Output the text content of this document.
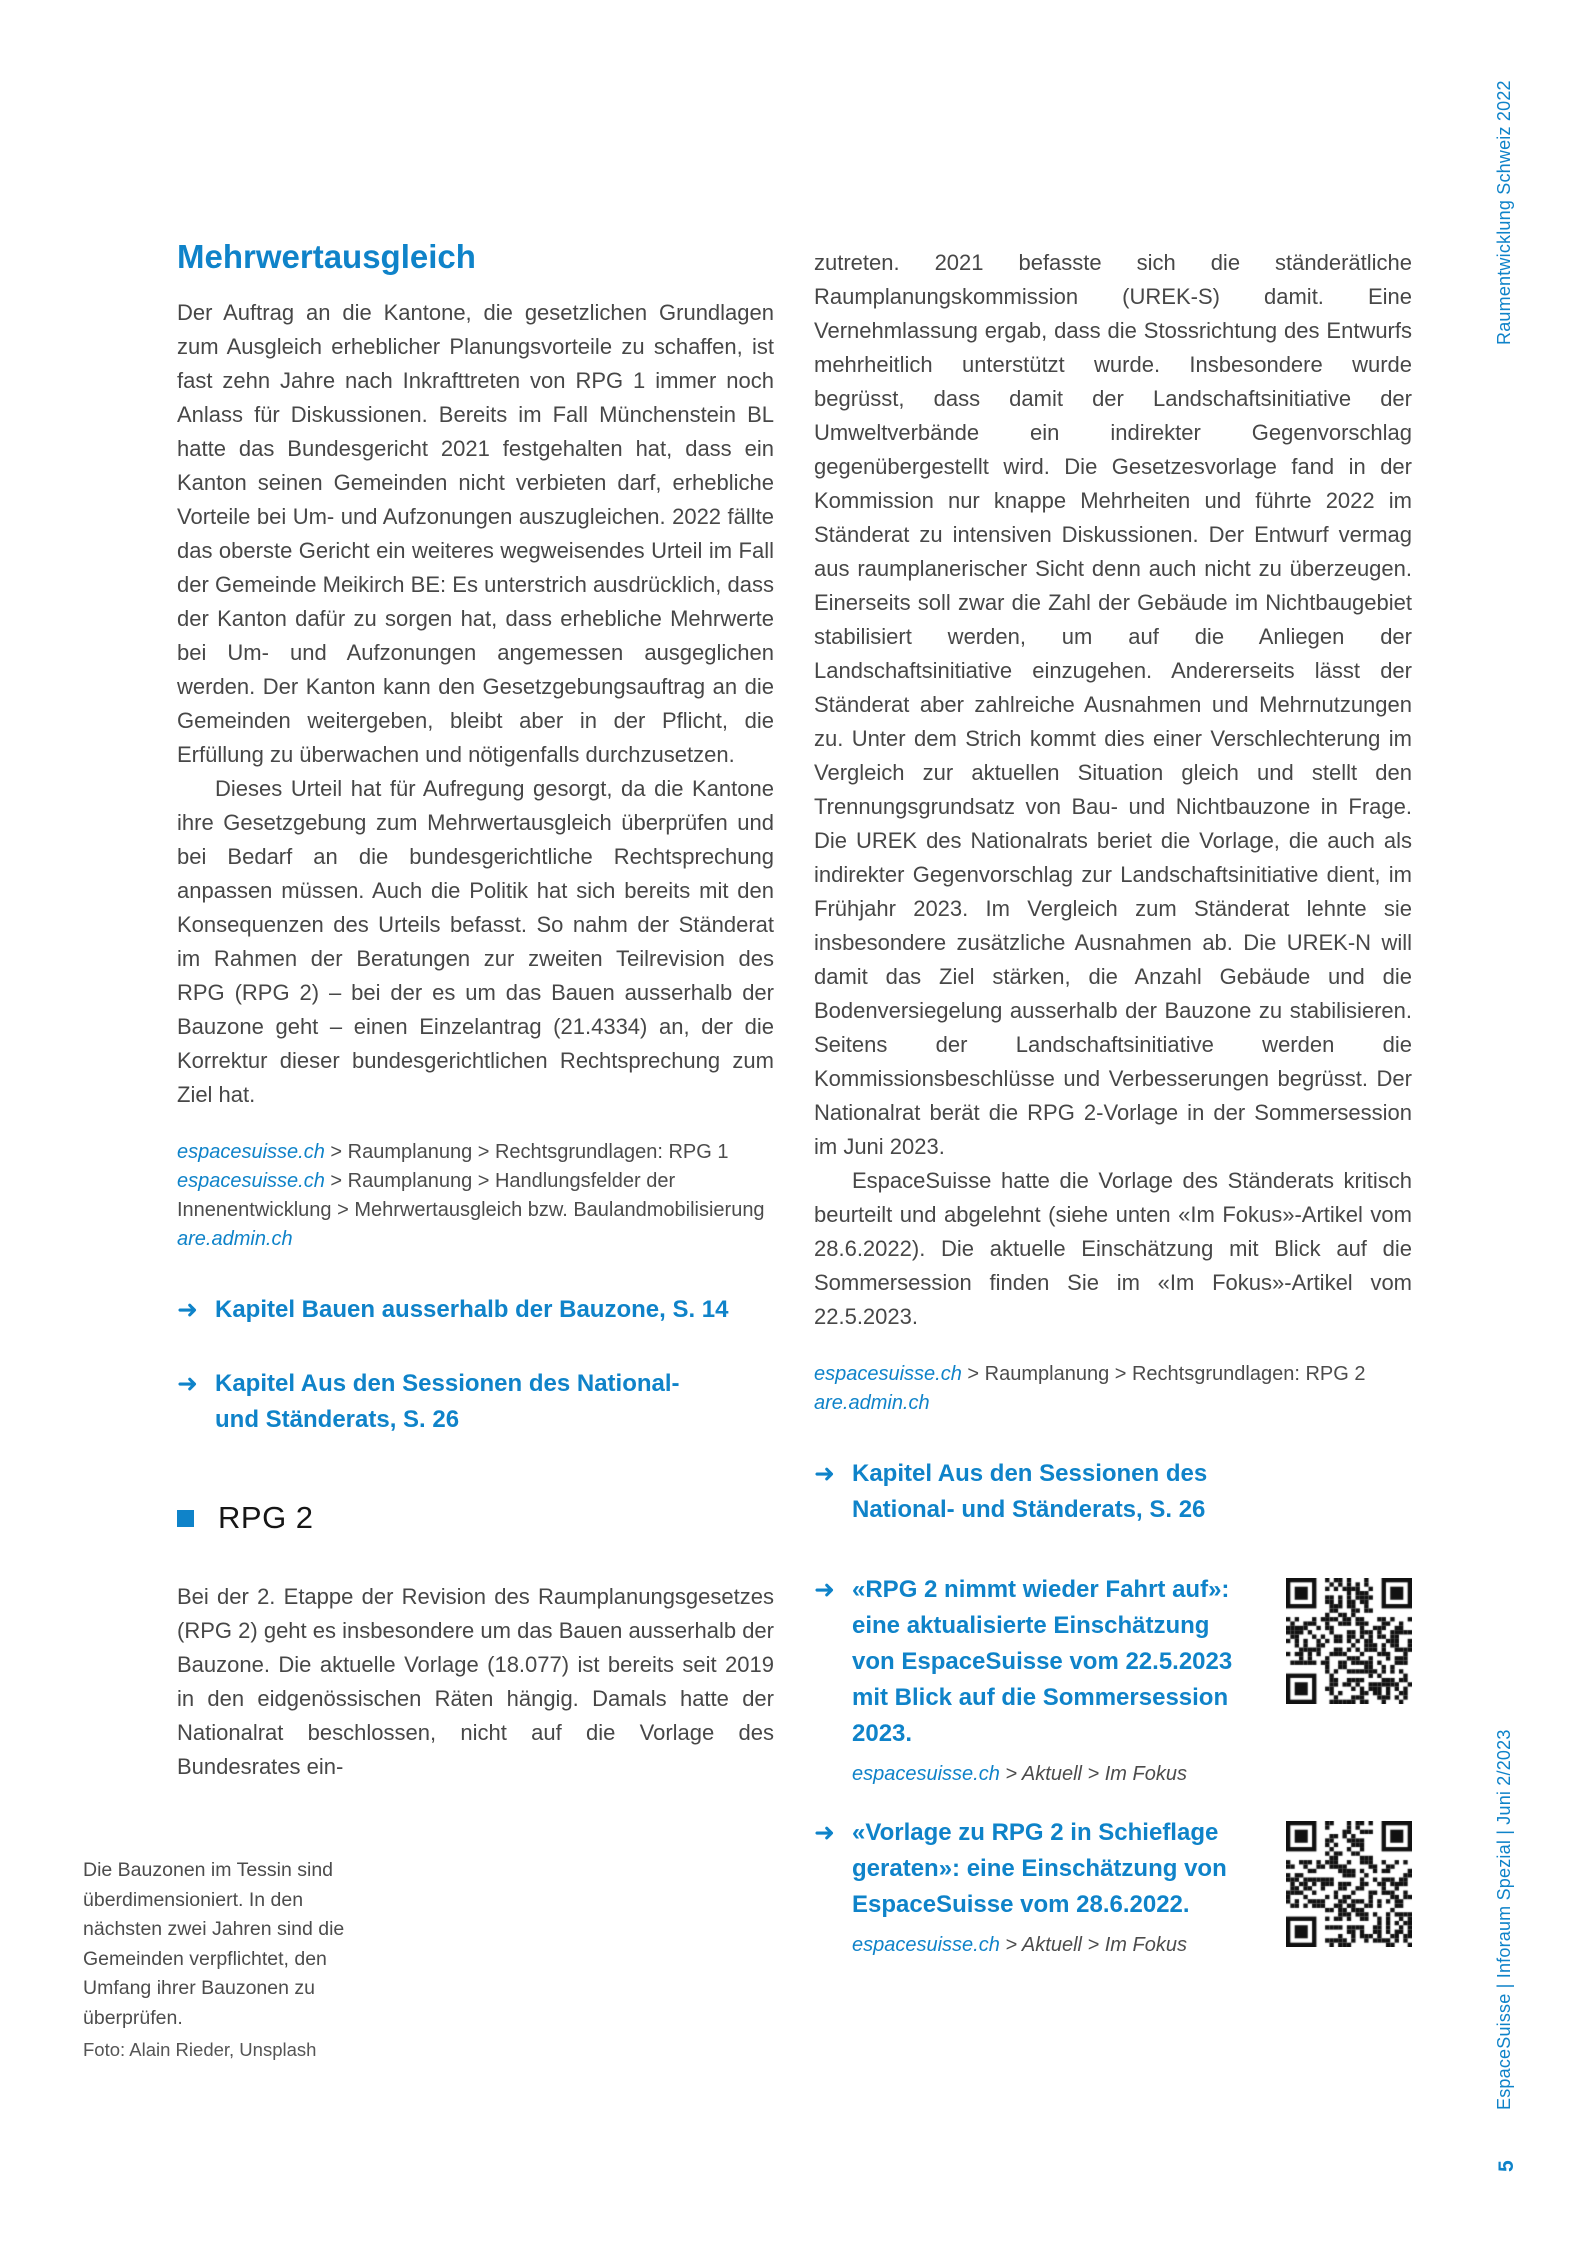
Mehrwertausgleich

Der Auftrag an die Kantone, die gesetzlichen Grundlagen zum Ausgleich erheblicher Planungsvorteile zu schaffen, ist fast zehn Jahre nach Inkrafttreten von RPG 1 immer noch Anlass für Diskussionen. Bereits im Fall Münchenstein BL hatte das Bundesgericht 2021 festgehalten hat, dass ein Kanton seinen Gemeinden nicht verbieten darf, erhebliche Vorteile bei Um- und Aufzonungen auszugleichen. 2022 fällte das oberste Gericht ein weiteres wegweisendes Urteil im Fall der Gemeinde Meikirch BE: Es unterstrich ausdrücklich, dass der Kanton dafür zu sorgen hat, dass erhebliche Mehrwerte bei Um- und Aufzonungen angemessen ausgeglichen werden. Der Kanton kann den Gesetzgebungsauftrag an die Gemeinden weitergeben, bleibt aber in der Pflicht, die Erfüllung zu überwachen und nötigenfalls durchzusetzen.

Dieses Urteil hat für Aufregung gesorgt, da die Kantone ihre Gesetzgebung zum Mehrwertausgleich überprüfen und bei Bedarf an die bundesgerichtliche Rechtsprechung anpassen müssen. Auch die Politik hat sich bereits mit den Konsequenzen des Urteils befasst. So nahm der Ständerat im Rahmen der Beratungen zur zweiten Teilrevision des RPG (RPG 2) – bei der es um das Bauen ausserhalb der Bauzone geht – einen Einzelantrag (21.4334) an, der die Korrektur dieser bundesgerichtlichen Rechtsprechung zum Ziel hat.

espacesuisse.ch > Raumplanung > Rechtsgrundlagen: RPG 1
espacesuisse.ch > Raumplanung > Handlungsfelder der Innenentwicklung > Mehrwertausgleich bzw. Baulandmobilisierung
are.admin.ch
➜ Kapitel Bauen ausserhalb der Bauzone, S. 14
➜ Kapitel Aus den Sessionen des National- und Ständerats, S. 26
RPG 2

Bei der 2. Etappe der Revision des Raumplanungsgesetzes (RPG 2) geht es insbesondere um das Bauen ausserhalb der Bauzone. Die aktuelle Vorlage (18.077) ist bereits seit 2019 in den eidgenössischen Räten hängig. Damals hatte der Nationalrat beschlossen, nicht auf die Vorlage des Bundesrates ein-

zutreten. 2021 befasste sich die ständerätliche Raumplanungskommission (UREK-S) damit. Eine Vernehmlassung ergab, dass die Stossrichtung des Entwurfs mehrheitlich unterstützt wurde. Insbesondere wurde begrüsst, dass damit der Landschaftsinitiative der Umweltverbände ein indirekter Gegenvorschlag gegenübergestellt wird. Die Gesetzesvorlage fand in der Kommission nur knappe Mehrheiten und führte 2022 im Ständerat zu intensiven Diskussionen. Der Entwurf vermag aus raumplanerischer Sicht denn auch nicht zu überzeugen. Einerseits soll zwar die Zahl der Gebäude im Nichtbaugebiet stabilisiert werden, um auf die Anliegen der Landschaftsinitiative einzugehen. Andererseits lässt der Ständerat aber zahlreiche Ausnahmen und Mehrnutzungen zu. Unter dem Strich kommt dies einer Verschlechterung im Vergleich zur aktuellen Situation gleich und stellt den Trennungsgrundsatz von Bau- und Nichtbauzone in Frage. Die UREK des Nationalrats beriet die Vorlage, die auch als indirekter Gegenvorschlag zur Landschaftsinitiative dient, im Frühjahr 2023. Im Vergleich zum Ständerat lehnte sie insbesondere zusätzliche Ausnahmen ab. Die UREK-N will damit das Ziel stärken, die Anzahl Gebäude und die Bodenversiegelung ausserhalb der Bauzone zu stabilisieren. Seitens der Landschaftsinitiative werden die Kommissionsbeschlüsse und Verbesserungen begrüsst. Der Nationalrat berät die RPG 2-Vorlage in der Sommersession im Juni 2023.

EspaceSuisse hatte die Vorlage des Ständerats kritisch beurteilt und abgelehnt (siehe unten «Im Fokus»-Artikel vom 28.6.2022). Die aktuelle Einschätzung mit Blick auf die Sommersession finden Sie im «Im Fokus»-Artikel vom 22.5.2023.

espacesuisse.ch > Raumplanung > Rechtsgrundlagen: RPG 2
are.admin.ch
➜ Kapitel Aus den Sessionen des National- und Ständerats, S. 26
➜ «RPG 2 nimmt wieder Fahrt auf»: eine aktualisierte Einschätzung von EspaceSuisse vom 22.5.2023 mit Blick auf die Sommersession 2023.
espacesuisse.ch > Aktuell > Im Fokus
➜ «Vorlage zu RPG 2 in Schieflage geraten»: eine Einschätzung von EspaceSuisse vom 28.6.2022.
espacesuisse.ch > Aktuell > Im Fokus

Die Bauzonen im Tessin sind überdimensioniert. In den nächsten zwei Jahren sind die Gemeinden verpflichtet, den Umfang ihrer Bauzonen zu überprüfen.

Foto: Alain Rieder, Unsplash

Raumentwicklung Schweiz 2022
EspaceSuisse | Inforaum Spezial | Juni 2/2023
5
